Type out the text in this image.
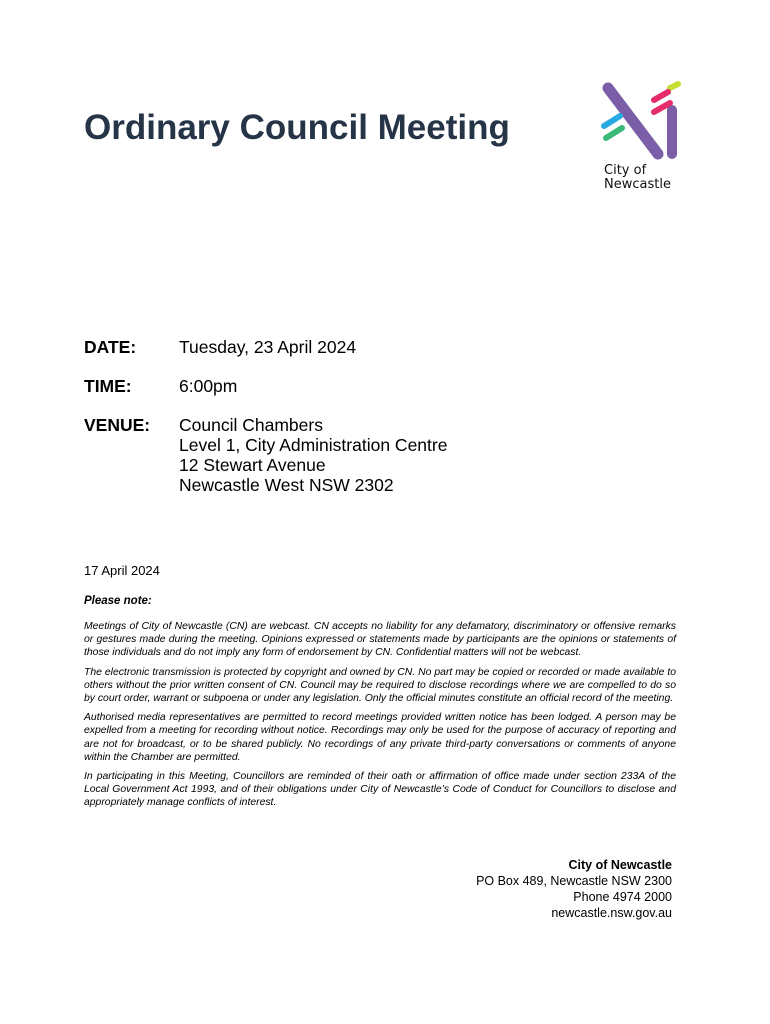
Ordinary Council Meeting
City of
Newcastle
DATE:	Tuesday, 23 April 2024
TIME:	6:00pm
VENUE:	Council Chambers
Level 1, City Administration Centre
12 Stewart Avenue
Newcastle West NSW 2302
17 April 2024
Please note:

Meetings of City of Newcastle (CN) are webcast. CN accepts no liability for any defamatory, discriminatory or offensive remarks or gestures made during the meeting. Opinions expressed or statements made by participants are the opinions or statements of those individuals and do not imply any form of endorsement by CN. Confidential matters will not be webcast.

The electronic transmission is protected by copyright and owned by CN. No part may be copied or recorded or made available to others without the prior written consent of CN. Council may be required to disclose recordings where we are compelled to do so by court order, warrant or subpoena or under any legislation. Only the official minutes constitute an official record of the meeting.

Authorised media representatives are permitted to record meetings provided written notice has been lodged. A person may be expelled from a meeting for recording without notice. Recordings may only be used for the purpose of accuracy of reporting and are not for broadcast, or to be shared publicly. No recordings of any private third-party conversations or comments of anyone within the Chamber are permitted.

In participating in this Meeting, Councillors are reminded of their oath or affirmation of office made under section 233A of the Local Government Act 1993, and of their obligations under City of Newcastle’s Code of Conduct for Councillors to disclose and appropriately manage conflicts of interest.

City of Newcastle
PO Box 489, Newcastle NSW 2300
Phone 4974 2000
newcastle.nsw.gov.au
